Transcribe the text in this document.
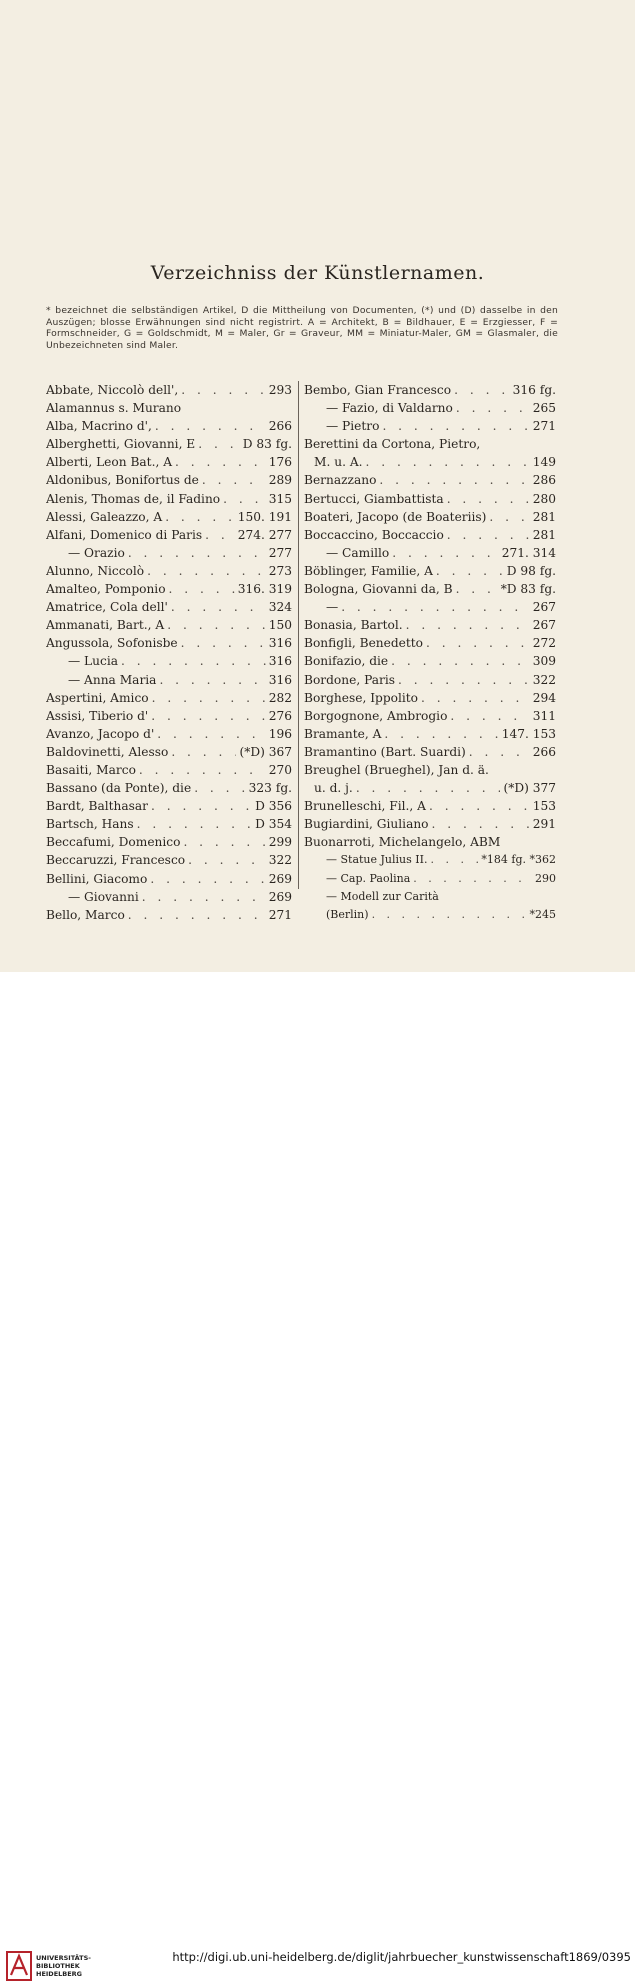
Verzeichniss der Künstlernamen.
* bezeichnet die selbständigen Artikel, D die Mittheilung von Documenten, (*) und (D) dasselbe in den Auszügen; blosse Erwähnungen sind nicht registrirt. A = Architekt, B = Bildhauer, E = Erzgiesser, F = Formschneider, G = Goldschmidt, M = Maler, Gr = Graveur, MM = Miniatur-Maler, GM = Glasmaler, die Unbezeichneten sind Maler.
Abbate, Niccolò dell', . . .	293
Alamannus s. Murano
Alba, Macrino d', . . .	266
Alberghetti, Giovanni, E . . .	D 83 fg.
Alberti, Leon Bat., A . . .	176
Aldonibus, Bonifortus de . . .	289
Alenis, Thomas de, il Fadino . . .	315
Alessi, Galeazzo, A . . .	150. 191
Alfani, Domenico di Paris . . .	274. 277
— Orazio . . .	277
Alunno, Niccolò . . .	273
Amalteo, Pomponio . . .	316. 319
Amatrice, Cola dell' . . .	324
Ammanati, Bart., A . . .	150
Angussola, Sofonisbe . . .	316
— Lucia . . .	316
— Anna Maria . . .	316
Aspertini, Amico . . .	282
Assisi, Tiberio d' . . .	276
Avanzo, Jacopo d' . . .	196
Baldovinetti, Alesso . . .	(*D) 367
Basaiti, Marco . . .	270
Bassano (da Ponte), die . . .	323 fg.
Bardt, Balthasar . . .	D 356
Bartsch, Hans . . .	D 354
Beccafumi, Domenico . . .	299
Beccaruzzi, Francesco . . .	322
Bellini, Giacomo . . .	269
— Giovanni . . .	269
Bello, Marco . . .	271
Bembo, Gian Francesco . . .	316 fg.
— Fazio, di Valdarno . . .	265
— Pietro . . .	271
Berettini da Cortona, Pietro,
M. u. A. . . .	149
Bernazzano . . .	286
Bertucci, Giambattista . . .	280
Boateri, Jacopo (de Boateriis) . . .	281
Boccaccino, Boccaccio . . .	281
— Camillo . . .	271. 314
Böblinger, Familie, A . . .	D 98 fg.
Bologna, Giovanni da, B . . .	*D 83 fg.
— . . .	267
Bonasia, Bartol. . . .	267
Bonfigli, Benedetto . . .	272
Bonifazio, die . . .	309
Bordone, Paris . . .	322
Borghese, Ippolito . . .	294
Borgognone, Ambrogio . . .	311
Bramante, A . . .	147. 153
Bramantino (Bart. Suardi) . . .	266
Breughel (Brueghel), Jan d. ä.
u. d. j. . . .	(*D) 377
Brunelleschi, Fil., A . . .	153
Bugiardini, Giuliano . . .	291
Buonarroti, Michelangelo, ABM
— Statue Julius II. . . .	*184 fg. *362
— Cap. Paolina . . .	290
— Modell zur Carità
(Berlin) . . .	*245
UNIVERSITÄTS-
BIBLIOTHEK
HEIDELBERG
http://digi.ub.uni-heidelberg.de/diglit/jahrbuecher_kunstwissenschaft1869/0395
